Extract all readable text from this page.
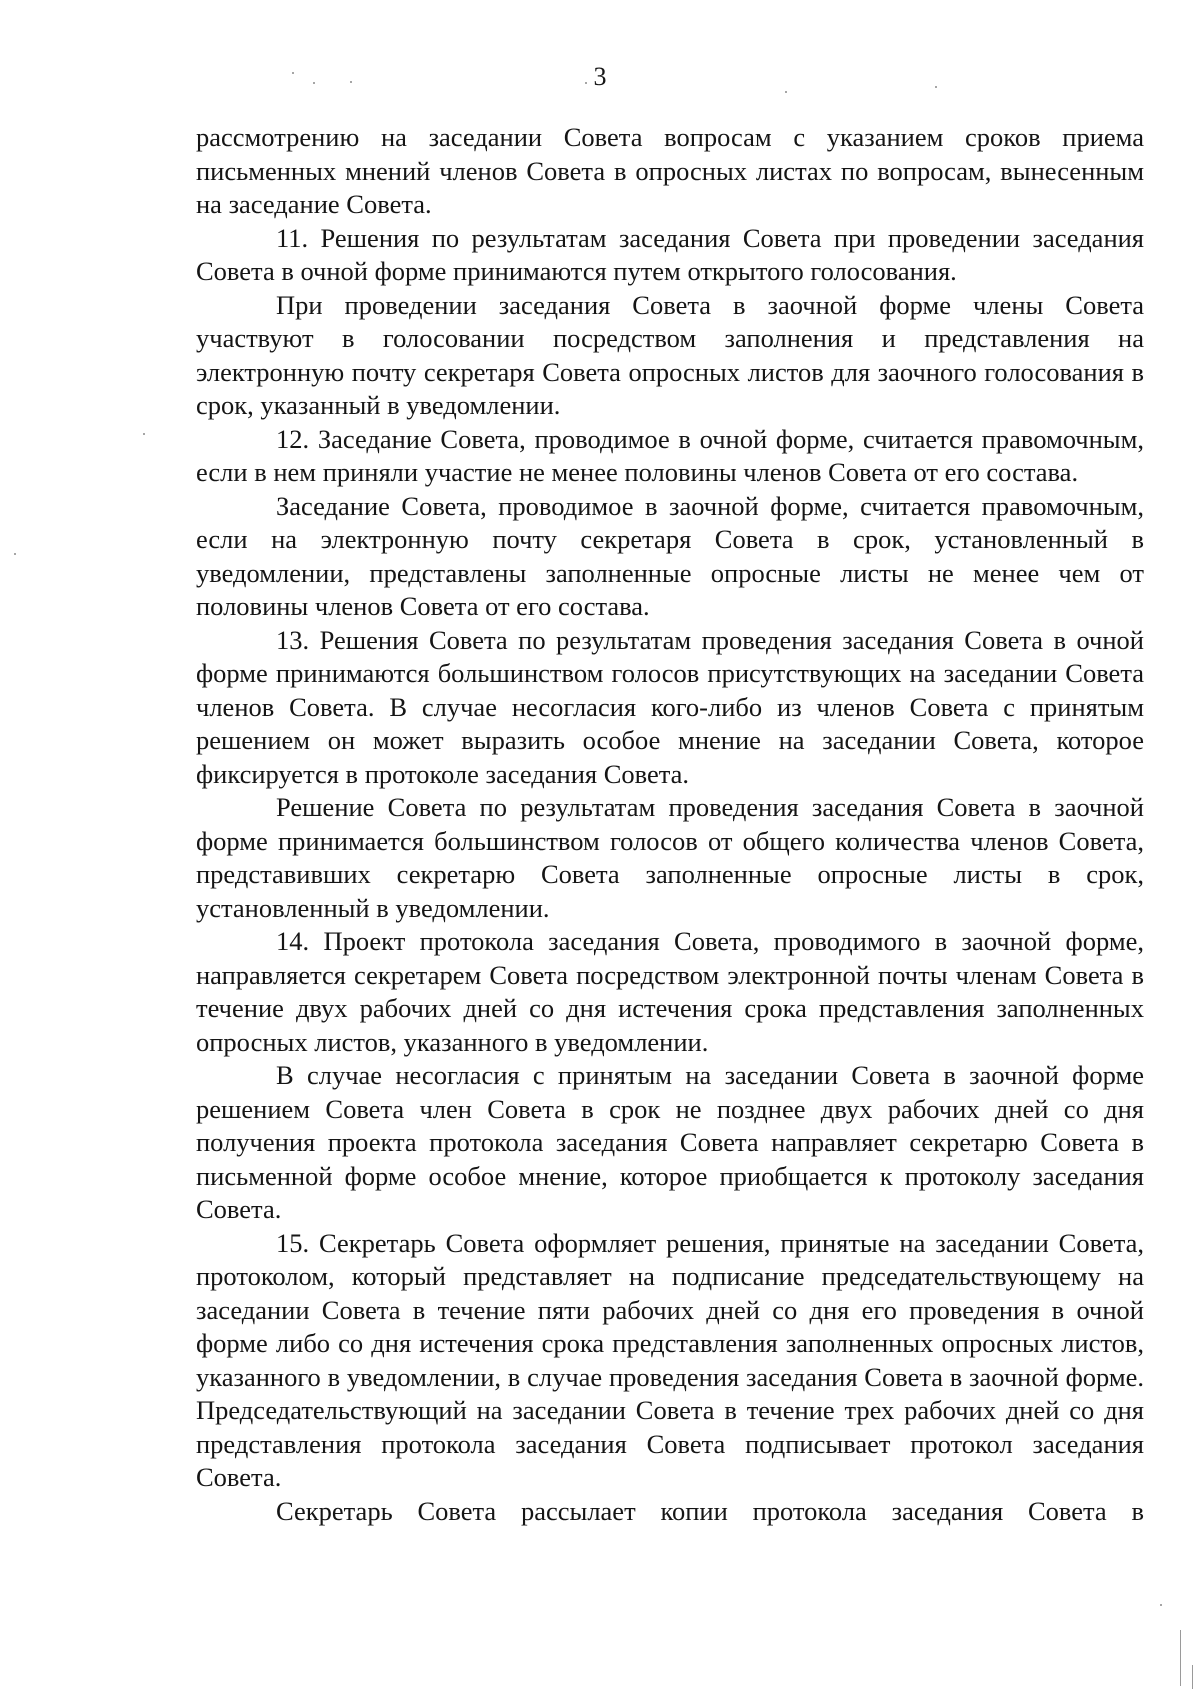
3

рассмотрению на заседании Совета вопросам с указанием сроков приема письменных мнений членов Совета в опросных листах по вопросам, вынесенным на заседание Совета.

11. Решения по результатам заседания Совета при проведении заседания Совета в очной форме принимаются путем открытого голосования.

При проведении заседания Совета в заочной форме члены Совета участвуют в голосовании посредством заполнения и представления на электронную почту секретаря Совета опросных листов для заочного голосования в срок, указанный в уведомлении.

12. Заседание Совета, проводимое в очной форме, считается правомочным, если в нем приняли участие не менее половины членов Совета от его состава.

Заседание Совета, проводимое в заочной форме, считается правомочным, если на электронную почту секретаря Совета в срок, установленный в уведомлении, представлены заполненные опросные листы не менее чем от половины членов Совета от его состава.

13. Решения Совета по результатам проведения заседания Совета в очной форме принимаются большинством голосов присутствующих на заседании Совета членов Совета. В случае несогласия кого-либо из членов Совета с принятым решением он может выразить особое мнение на заседании Совета, которое фиксируется в протоколе заседания Совета.

Решение Совета по результатам проведения заседания Совета в заочной форме принимается большинством голосов от общего количества членов Совета, представивших секретарю Совета заполненные опросные листы в срок, установленный в уведомлении.

14. Проект протокола заседания Совета, проводимого в заочной форме, направляется секретарем Совета посредством электронной почты членам Совета в течение двух рабочих дней со дня истечения срока представления заполненных опросных листов, указанного в уведомлении.

В случае несогласия с принятым на заседании Совета в заочной форме решением Совета член Совета в срок не позднее двух рабочих дней со дня получения проекта протокола заседания Совета направляет секретарю Совета в письменной форме особое мнение, которое приобщается к протоколу заседания Совета.

15. Секретарь Совета оформляет решения, принятые на заседании Совета, протоколом, который представляет на подписание председательствующему на заседании Совета в течение пяти рабочих дней со дня его проведения в очной форме либо со дня истечения срока представления заполненных опросных листов, указанного в уведомлении, в случае проведения заседания Совета в заочной форме. Председательствующий на заседании Совета в течение трех рабочих дней со дня представления протокола заседания Совета подписывает протокол заседания Совета.

Секретарь Совета рассылает копии протокола заседания Совета в
